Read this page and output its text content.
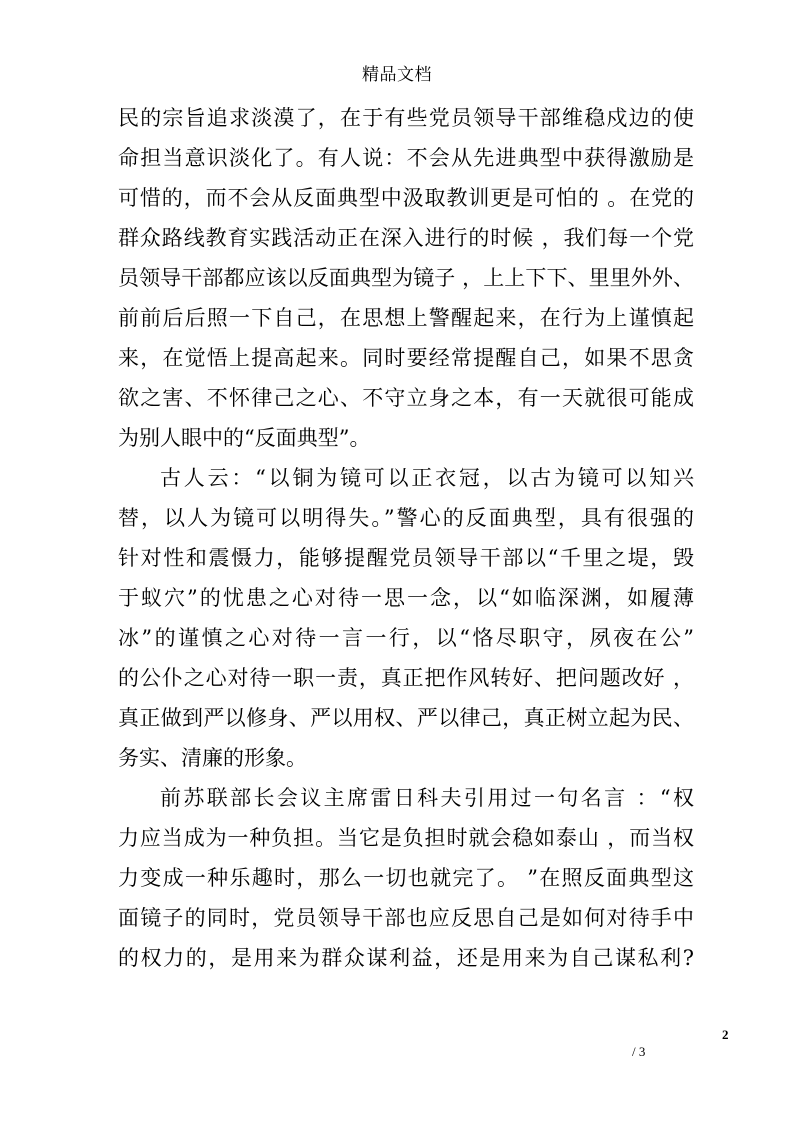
精品文档
民的宗旨追求淡漠了，在于有些党员领导干部维稳戍边的使
命担当意识淡化了。有人说：不会从先进典型中获得激励是
可惜的，而不会从反面典型中汲取教训更是可怕的 。在党的
群众路线教育实践活动正在深入进行的时候 ，我们每一个党
员领导干部都应该以反面典型为镜子 ，上上下下、里里外外、
前前后后照一下自己，在思想上警醒起来，在行为上谨慎起
来，在觉悟上提高起来。同时要经常提醒自己，如果不思贪
欲之害、不怀律己之心、不守立身之本，有一天就很可能成
为别人眼中的“反面典型”。
古人云：“以铜为镜可以正衣冠，以古为镜可以知兴
替，以人为镜可以明得失。”警心的反面典型，具有很强的
针对性和震慑力，能够提醒党员领导干部以“千里之堤，毁
于蚁穴”的忧患之心对待一思一念，以“如临深渊，如履薄
冰”的谨慎之心对待一言一行，以“恪尽职守，夙夜在公”
的公仆之心对待一职一责，真正把作风转好、把问题改好 ，
真正做到严以修身、严以用权、严以律己，真正树立起为民、
务实、清廉的形象。
前苏联部长会议主席雷日科夫引用过一句名言 ：“权
力应当成为一种负担。当它是负担时就会稳如泰山 ，而当权
力变成一种乐趣时，那么一切也就完了。 ”在照反面典型这
面镜子的同时，党员领导干部也应反思自己是如何对待手中
的权力的，是用来为群众谋利益，还是用来为自己谋私利?
2
/ 3
